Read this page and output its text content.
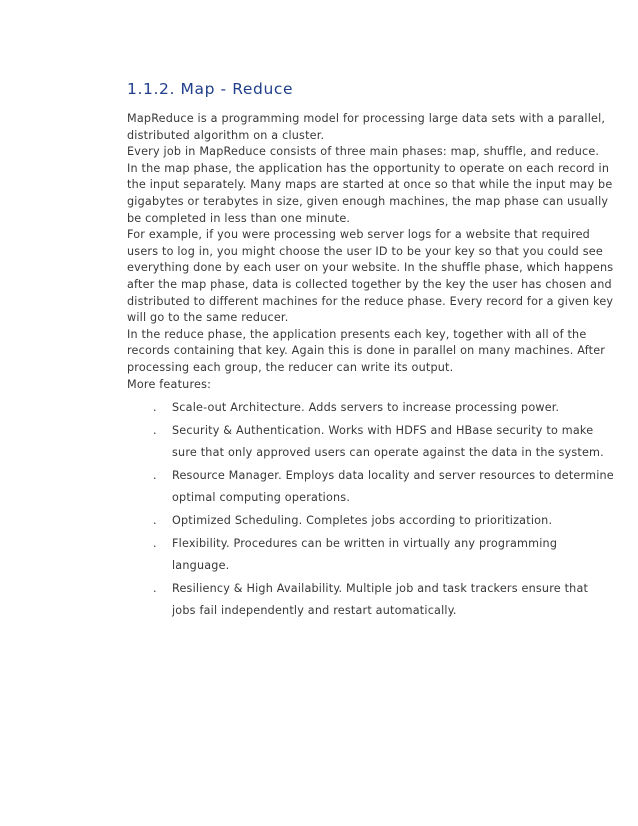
1.1.2. Map - Reduce
MapReduce is a programming model for processing large data sets with a parallel,
distributed algorithm on a cluster.
Every job in MapReduce consists of three main phases: map, shuffle, and reduce.
In the map phase, the application has the opportunity to operate on each record in
the input separately. Many maps are started at once so that while the input may be
gigabytes or terabytes in size, given enough machines, the map phase can usually
be completed in less than one minute.
For example, if you were processing web server logs for a website that required
users to log in, you might choose the user ID to be your key so that you could see
everything done by each user on your website. In the shuffle phase, which happens
after the map phase, data is collected together by the key the user has chosen and
distributed to different machines for the reduce phase. Every record for a given key
will go to the same reducer.
In the reduce phase, the application presents each key, together with all of the
records containing that key. Again this is done in parallel on many machines. After
processing each group, the reducer can write its output.
More features:
. Scale-out Architecture. Adds servers to increase processing power.
. Security & Authentication. Works with HDFS and HBase security to make
sure that only approved users can operate against the data in the system.
. Resource Manager. Employs data locality and server resources to determine
optimal computing operations.
. Optimized Scheduling. Completes jobs according to prioritization.
. Flexibility. Procedures can be written in virtually any programming
language.
. Resiliency & High Availability. Multiple job and task trackers ensure that
jobs fail independently and restart automatically.
